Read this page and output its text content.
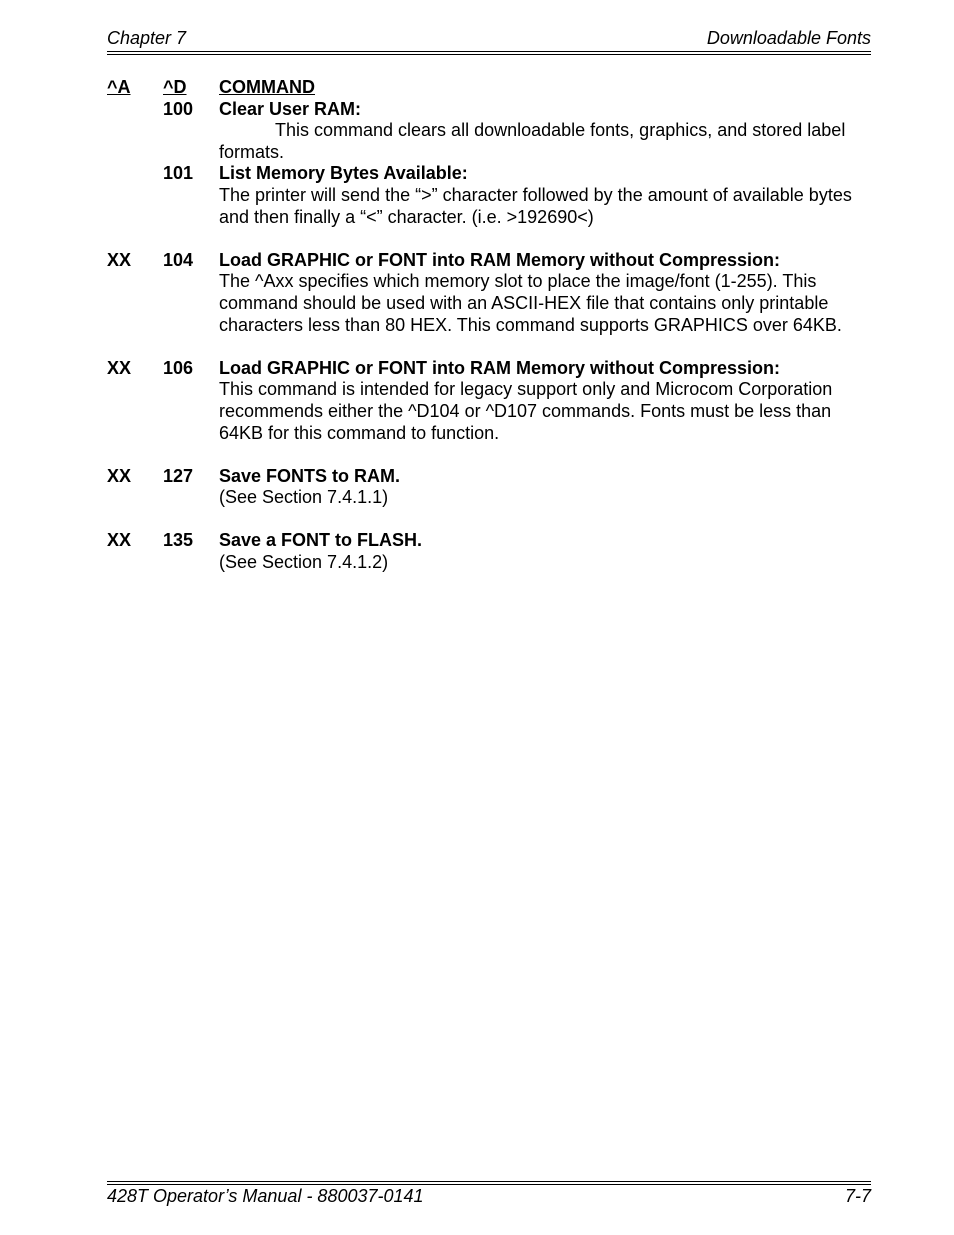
Chapter 7	Downloadable Fonts
^A ^D COMMAND
100 Clear User RAM:
This command clears all downloadable fonts, graphics, and stored label formats.
101 List Memory Bytes Available:
The printer will send the “>” character followed by the amount of available bytes and then finally a “<” character. (i.e. >192690<)
XX 104 Load GRAPHIC or FONT into RAM Memory without Compression:
The ^Axx specifies which memory slot to place the image/font (1-255). This command should be used with an ASCII-HEX file that contains only printable characters less than 80 HEX. This command supports GRAPHICS over 64KB.
XX 106 Load GRAPHIC or FONT into RAM Memory without Compression:
This command is intended for legacy support only and Microcom Corporation recommends either the ^D104 or ^D107 commands. Fonts must be less than 64KB for this command to function.
XX 127 Save FONTS to RAM.
(See Section 7.4.1.1)
XX 135 Save a FONT to FLASH.
(See Section 7.4.1.2)
428T Operator’s Manual - 880037-0141	7-7
